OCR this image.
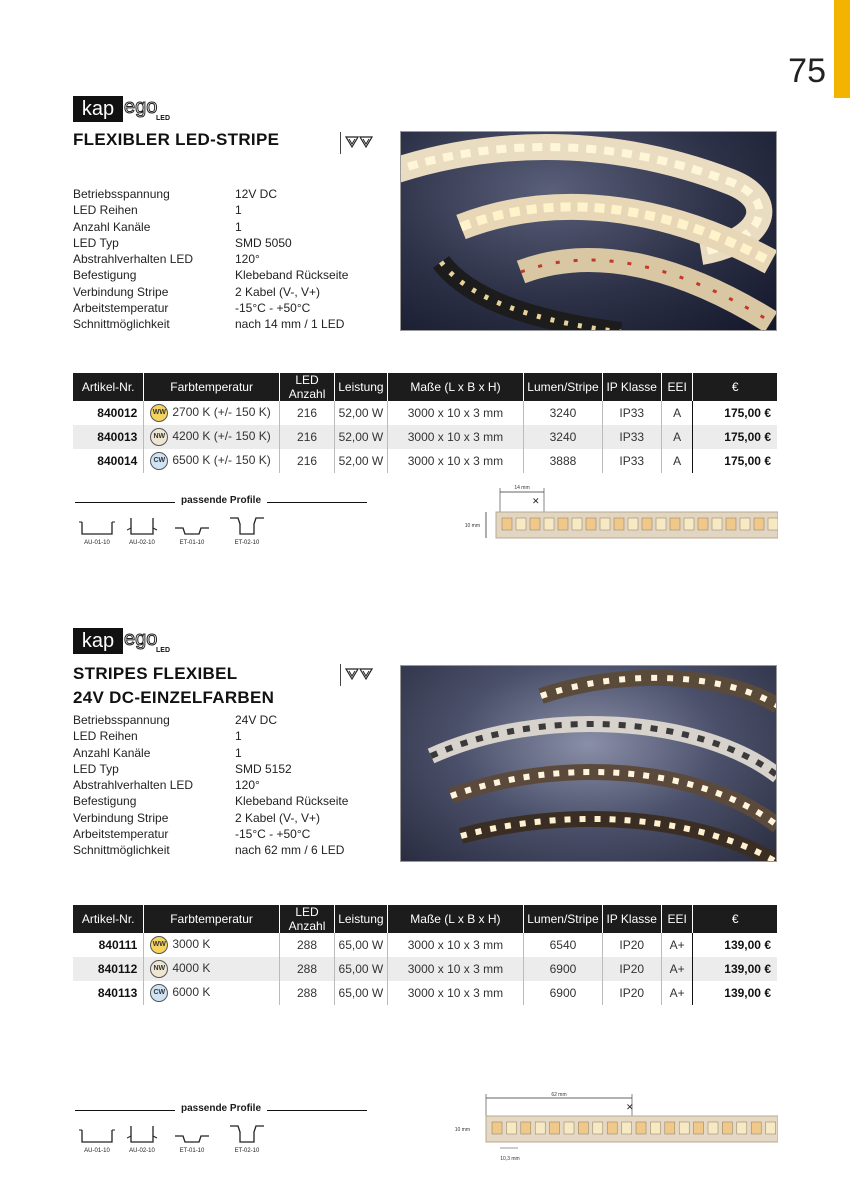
75
kap ego
LED
FLEXIBLER LED-STRIPE
Betriebsspannung	12V DC
LED Reihen	1
Anzahl Kanäle	1
LED Typ	SMD 5050
Abstrahlverhalten LED	120°
Befestigung	Klebeband Rückseite
Verbindung Stripe	2 Kabel (V-, V+)
Arbeitstemperatur	-15°C - +50°C
Schnittmöglichkeit	nach 14 mm / 1 LED
Artikel-Nr.	Farbtemperatur	LED Anzahl	Leistung	Maße (L x B x H)	Lumen/Stripe	IP Klasse	EEI	€
840012	WW 2700 K (+/- 150 K)	216	52,00 W	3000 x 10 x 3 mm	3240	IP33	A	175,00 €
840013	NW 4200 K (+/- 150 K)	216	52,00 W	3000 x 10 x 3 mm	3240	IP33	A	175,00 €
840014	CW 6500 K (+/- 150 K)	216	52,00 W	3000 x 10 x 3 mm	3888	IP33	A	175,00 €
passende Profile
AU-01-10	AU-02-10	ET-01-10	ET-02-10
14 mm
✕
10 mm
kap ego
LED
STRIPES FLEXIBEL
24V DC-EINZELFARBEN
Betriebsspannung	24V DC
LED Reihen	1
Anzahl Kanäle	1
LED Typ	SMD 5152
Abstrahlverhalten LED	120°
Befestigung	Klebeband Rückseite
Verbindung Stripe	2 Kabel (V-, V+)
Arbeitstemperatur	-15°C - +50°C
Schnittmöglichkeit	nach 62 mm / 6 LED
Artikel-Nr.	Farbtemperatur	LED Anzahl	Leistung	Maße (L x B x H)	Lumen/Stripe	IP Klasse	EEI	€
840111	WW 3000 K	288	65,00 W	3000 x 10 x 3 mm	6540	IP20	A+	139,00 €
840112	NW 4000 K	288	65,00 W	3000 x 10 x 3 mm	6900	IP20	A+	139,00 €
840113	CW 6000 K	288	65,00 W	3000 x 10 x 3 mm	6900	IP20	A+	139,00 €
passende Profile
AU-01-10	AU-02-10	ET-01-10	ET-02-10
62 mm
✕
10 mm
10,3 mm
